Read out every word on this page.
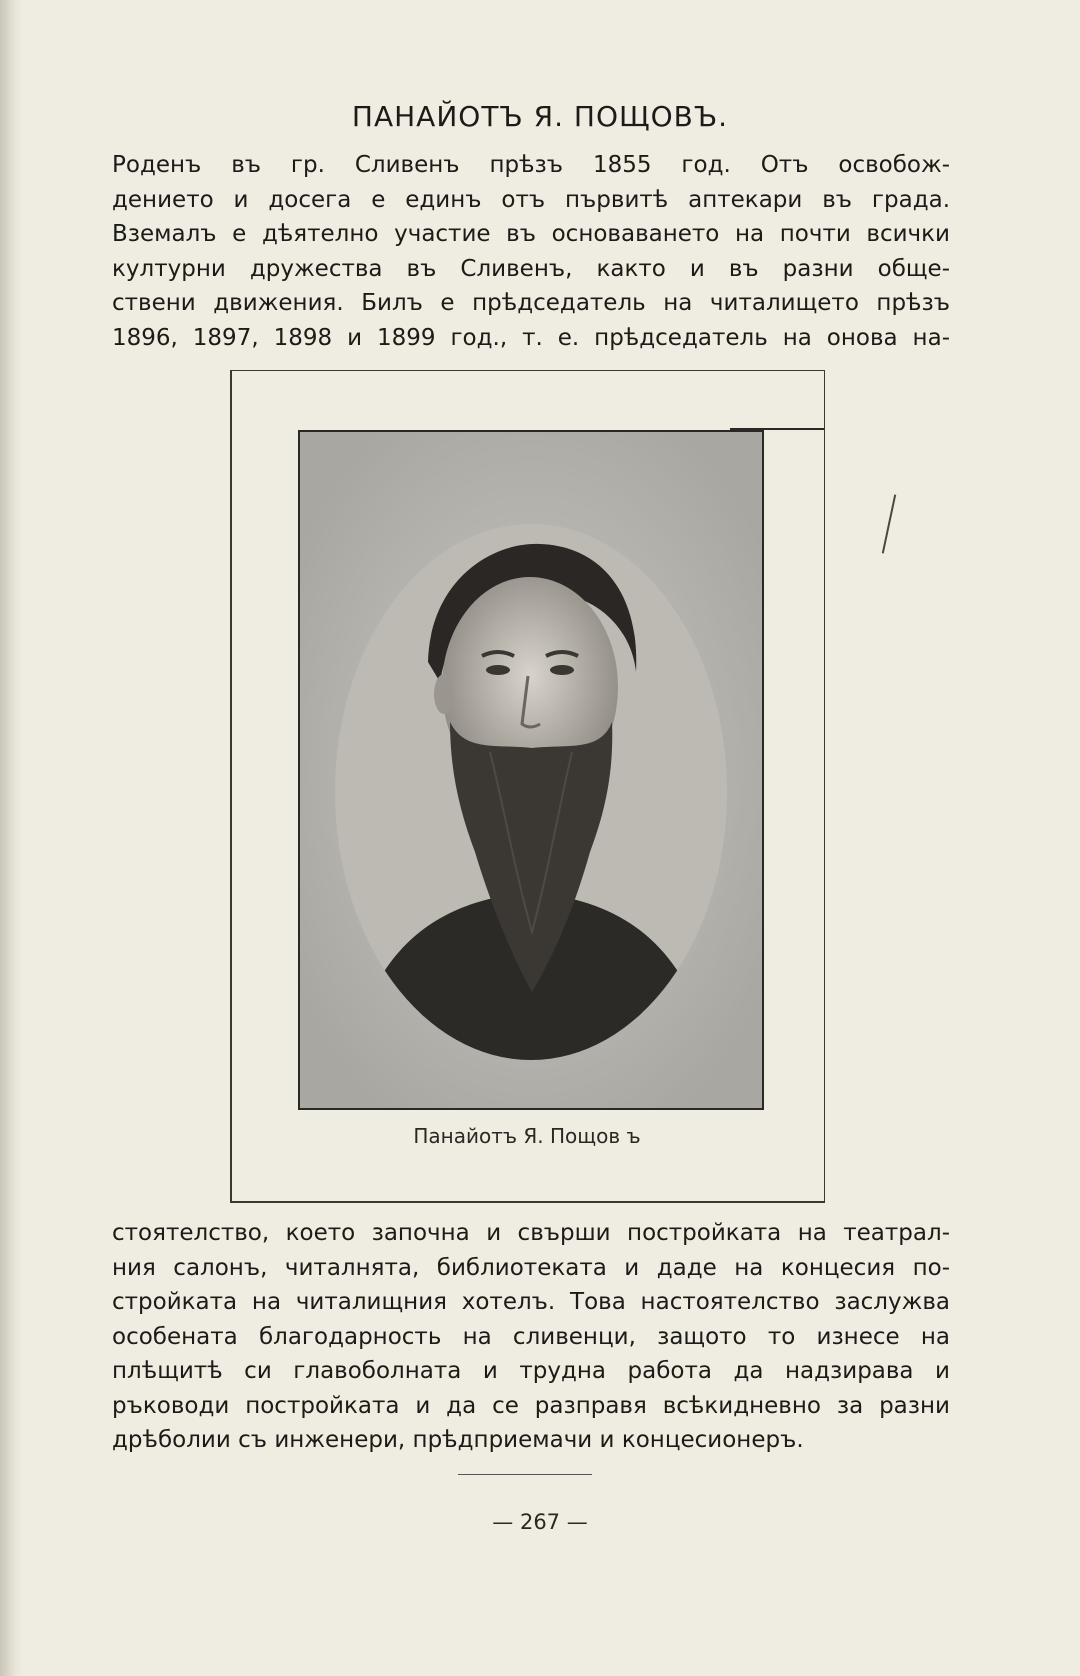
ПАНАЙОТЪ Я. ПОЩОВЪ.
Роденъ въ гр. Сливенъ прѣзъ 1855 год. Отъ освобож-
дението и досега е единъ отъ първитѣ аптекари въ града.
Вземалъ е дѣятелно участие въ основаването на почти всички
културни дружества въ Сливенъ, както и въ разни обще-
ствени движения. Билъ е прѣдседатель на читалището прѣзъ
1896, 1897, 1898 и 1899 год., т. е. прѣдседатель на онова на-
Панайотъ Я. Пощов ъ
стоятелство, което започна и свърши постройката на театрал-
ния салонъ, читалнята, библиотеката и даде на концесия по-
стройката на читалищния хотелъ. Това настоятелство заслужва
особената благодарность на сливенци, защото то изнесе на
плѣщитѣ си главоболната и трудна работа да надзирава и
ръководи постройката и да се разправя всѣкидневно за разни
дрѣболии съ инженери, прѣдприемачи и концесионеръ.
— 267 —
